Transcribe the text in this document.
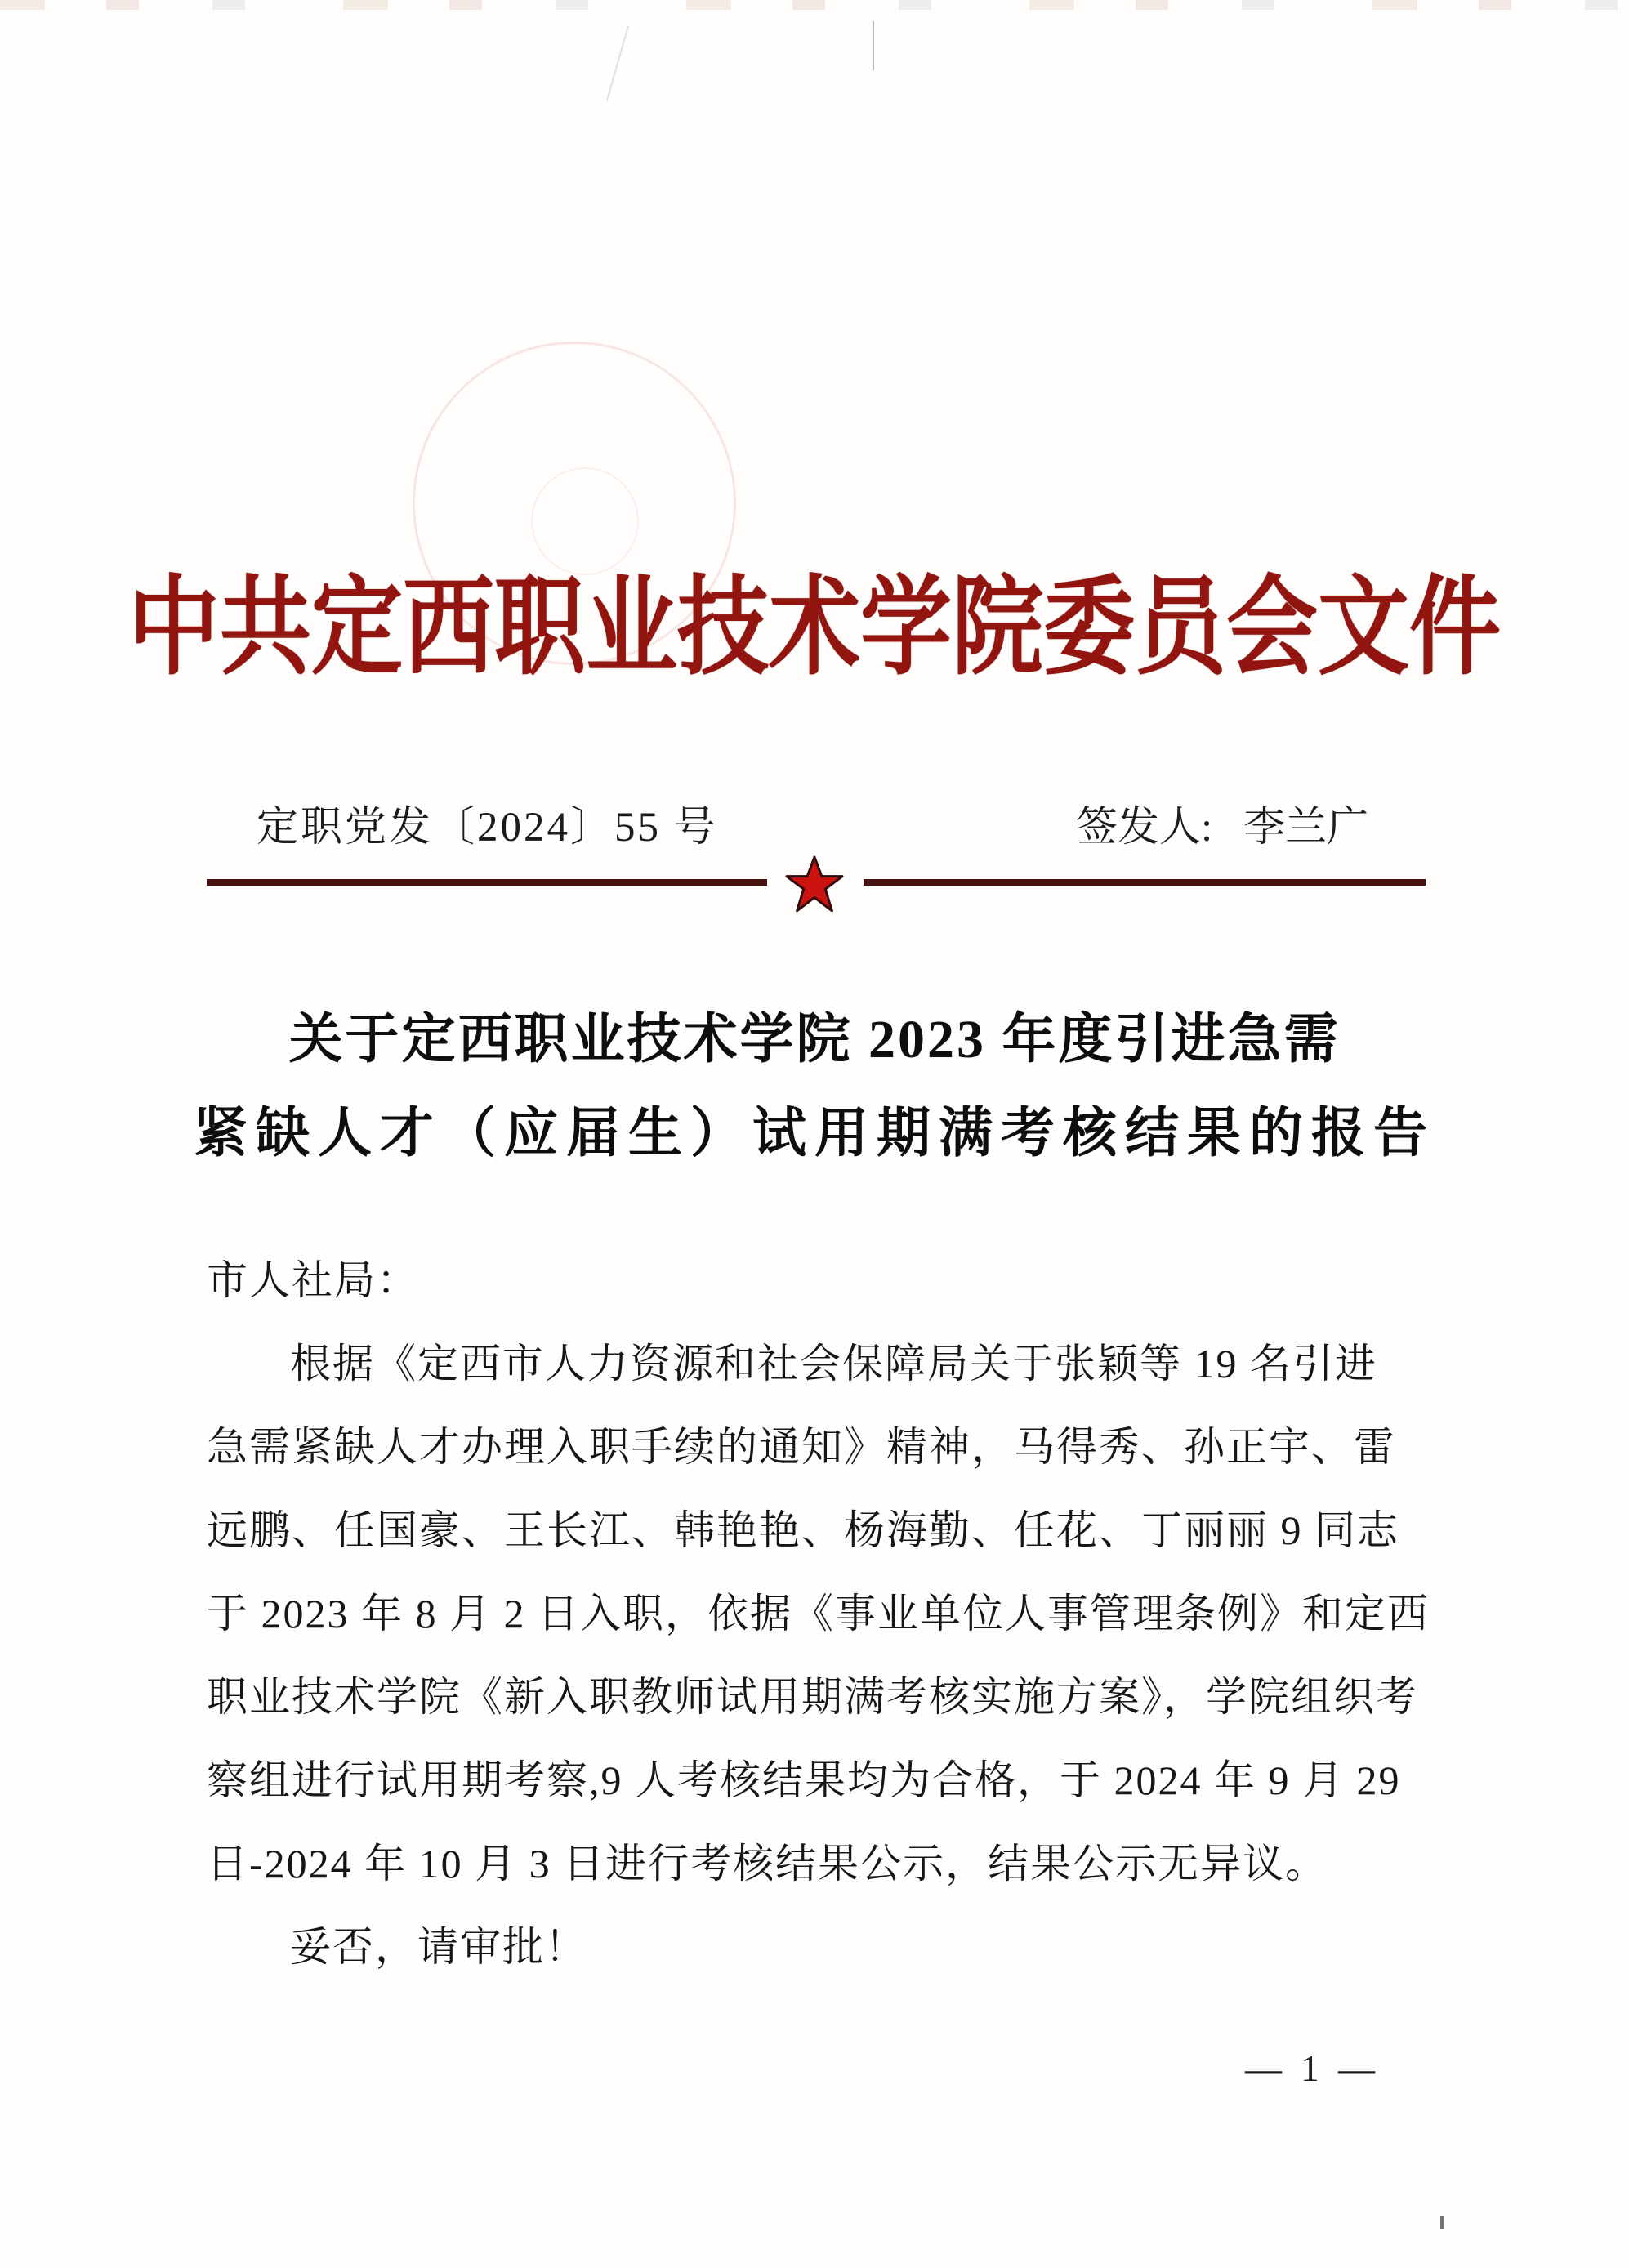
中共定西职业技术学院委员会文件
定职党发〔2024〕55 号	签发人: 李兰广
关于定西职业技术学院 2023 年度引进急需
紧缺人才（应届生）试用期满考核结果的报告
市人社局：
根据《定西市人力资源和社会保障局关于张颖等 19 名引进
急需紧缺人才办理入职手续的通知》精神，马得秀、孙正宇、雷
远鹏、任国豪、王长江、韩艳艳、杨海勤、任花、丁丽丽 9 同志
于 2023 年 8 月 2 日入职，依据《事业单位人事管理条例》和定西
职业技术学院《新入职教师试用期满考核实施方案》，学院组织考
察组进行试用期考察,9 人考核结果均为合格，于 2024 年 9 月 29
日-2024 年 10 月 3 日进行考核结果公示，结果公示无异议。
妥否，请审批！
— 1 —
